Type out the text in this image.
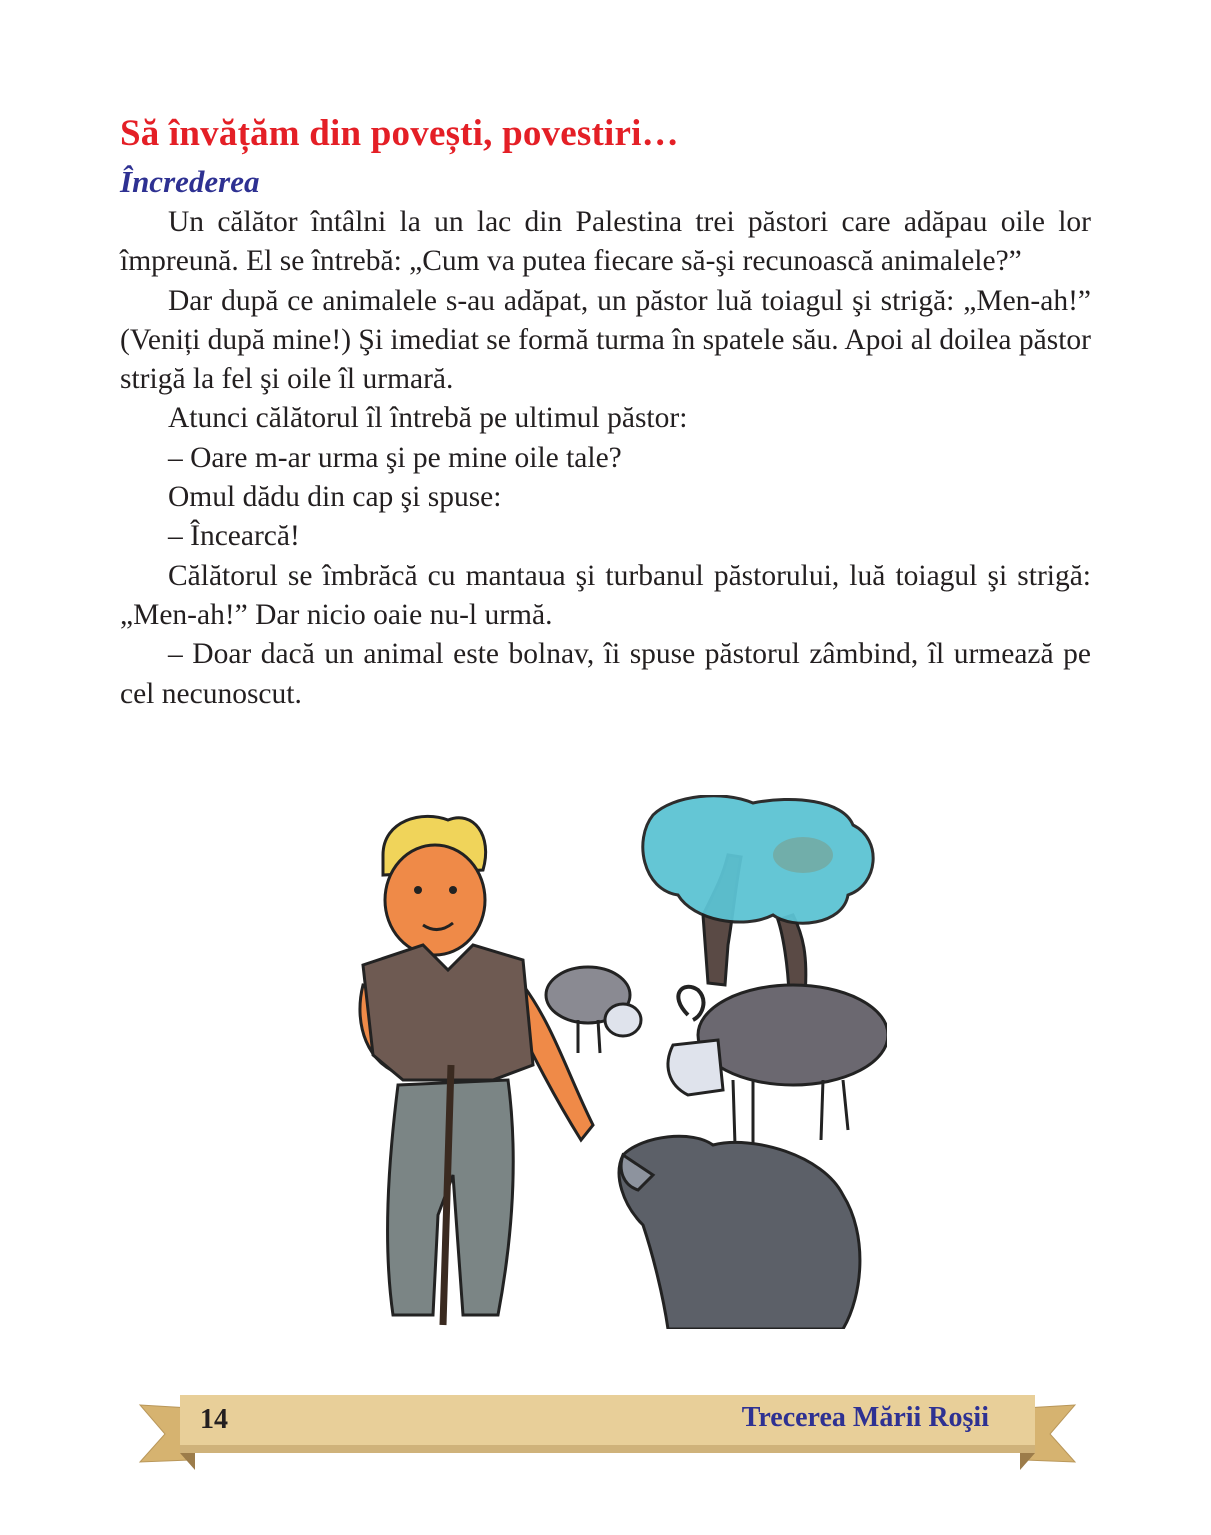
Să învățăm din povești, povestiri…
Încrederea

Un călător întâlni la un lac din Palestina trei păstori care adăpau oile lor împreună. El se întrebă: „Cum va putea fiecare să-şi recunoască animalele?”

Dar după ce animalele s-au adăpat, un păstor luă toiagul şi strigă: „Men-ah!” (Veniți după mine!) Şi imediat se formă turma în spatele său. Apoi al doilea păstor strigă la fel şi oile îl urmară.

Atunci călătorul îl întrebă pe ultimul păstor:

– Oare m-ar urma şi pe mine oile tale?

Omul dădu din cap şi spuse:

– Încearcă!

Călătorul se îmbrăcă cu mantaua şi turbanul păstorului, luă toiagul şi strigă: „Men-ah!” Dar nicio oaie nu-l urmă.

– Doar dacă un animal este bolnav, îi spuse păstorul zâmbind, îl urmează pe cel necunoscut.

14	Trecerea Mării Roşii
